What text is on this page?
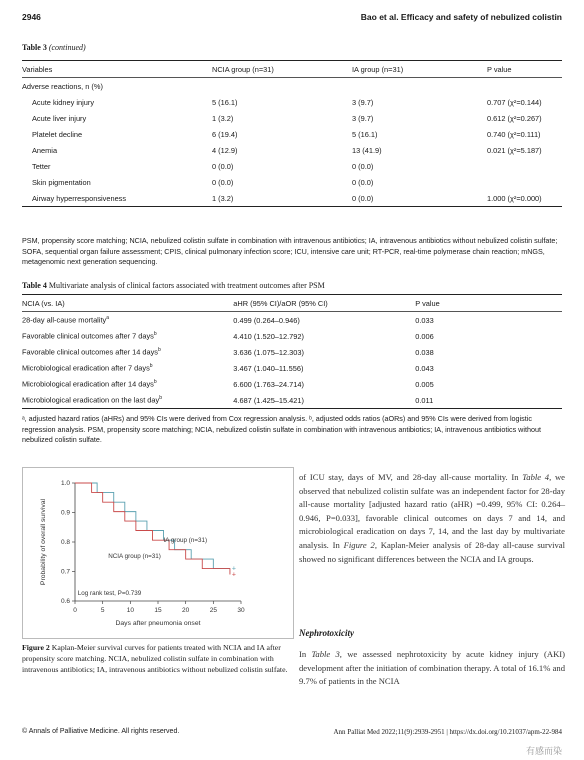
2946	Bao et al. Efficacy and safety of nebulized colistin
Table 3 (continued)
Variables	NCIA group (n=31)	IA group (n=31)	P value
Adverse reactions, n (%)			
Acute kidney injury	5 (16.1)	3 (9.7)	0.707 (χ²=0.144)
Acute liver injury	1 (3.2)	3 (9.7)	0.612 (χ²=0.267)
Platelet decline	6 (19.4)	5 (16.1)	0.740 (χ²=0.111)
Anemia	4 (12.9)	13 (41.9)	0.021 (χ²=5.187)
Tetter	0 (0.0)	0 (0.0)	
Skin pigmentation	0 (0.0)	0 (0.0)	
Airway hyperresponsiveness	1 (3.2)	0 (0.0)	1.000 (χ²=0.000)
PSM, propensity score matching; NCIA, nebulized colistin sulfate in combination with intravenous antibiotics; IA, intravenous antibiotics without nebulized colistin sulfate; SOFA, sequential organ failure assessment; CPIS, clinical pulmonary infection score; ICU, intensive care unit; RT-PCR, real-time polymerase chain reaction; mNGS, metagenomic next generation sequencing.
Table 4 Multivariate analysis of clinical factors associated with treatment outcomes after PSM
NCIA (vs. IA)	aHR (95% CI)/aOR (95% CI)	P value
28-day all-cause mortality$^a$	0.499 (0.264–0.946)	0.033
Favorable clinical outcomes after 7 days$^b$	4.410 (1.520–12.792)	0.006
Favorable clinical outcomes after 14 days$^b$	3.636 (1.075–12.303)	0.038
Microbiological eradication after 7 days$^b$	3.467 (1.040–11.556)	0.043
Microbiological eradication after 14 days$^b$	6.600 (1.763–24.714)	0.005
Microbiological eradication on the last day$^b$	4.687 (1.425–15.421)	0.011
ᵃ, adjusted hazard ratios (aHRs) and 95% CIs were derived from Cox regression analysis. ᵇ, adjusted odds ratios (aORs) and 95% CIs were derived from logistic regression analysis. PSM, propensity score matching; NCIA, nebulized colistin sulfate in combination with intravenous antibiotics; IA, intravenous antibiotics without nebulized colistin sulfate.
0.6
0.7
0.8
0.9
1.0
0	5	10	15	20	25	30
Days after pneumonia onset
Probability of overall survival	+
+
IA group (n=31)
NCIA group (n=31)
Log rank test, P=0.739
Figure 2 Kaplan-Meier survival curves for patients treated with NCIA and IA after propensity score matching. NCIA, nebulized colistin sulfate in combination with intravenous antibiotics; IA, intravenous antibiotics without nebulized colistin sulfate.
of ICU stay, days of MV, and 28-day all-cause mortality. In Table 4, we observed that nebulized colistin sulfate was an independent factor for 28-day all-cause mortality [adjusted hazard ratio (aHR) =0.499, 95% CI: 0.264–0.946, P=0.033], favorable clinical outcomes on days 7 and 14, and microbiological eradication on days 7, 14, and the last day by multivariate analysis. In Figure 2, Kaplan-Meier analysis of 28-day all-cause survival showed no significant differences between the NCIA and IA groups.
Nephrotoxicity
In Table 3, we assessed nephrotoxicity by acute kidney injury (AKI) development after the initiation of combination therapy. A total of 16.1% and 9.7% of patients in the NCIA
© Annals of Palliative Medicine. All rights reserved.	Ann Palliat Med 2022;11(9):2939-2951 | https://dx.doi.org/10.21037/apm-22-984
有感而染
